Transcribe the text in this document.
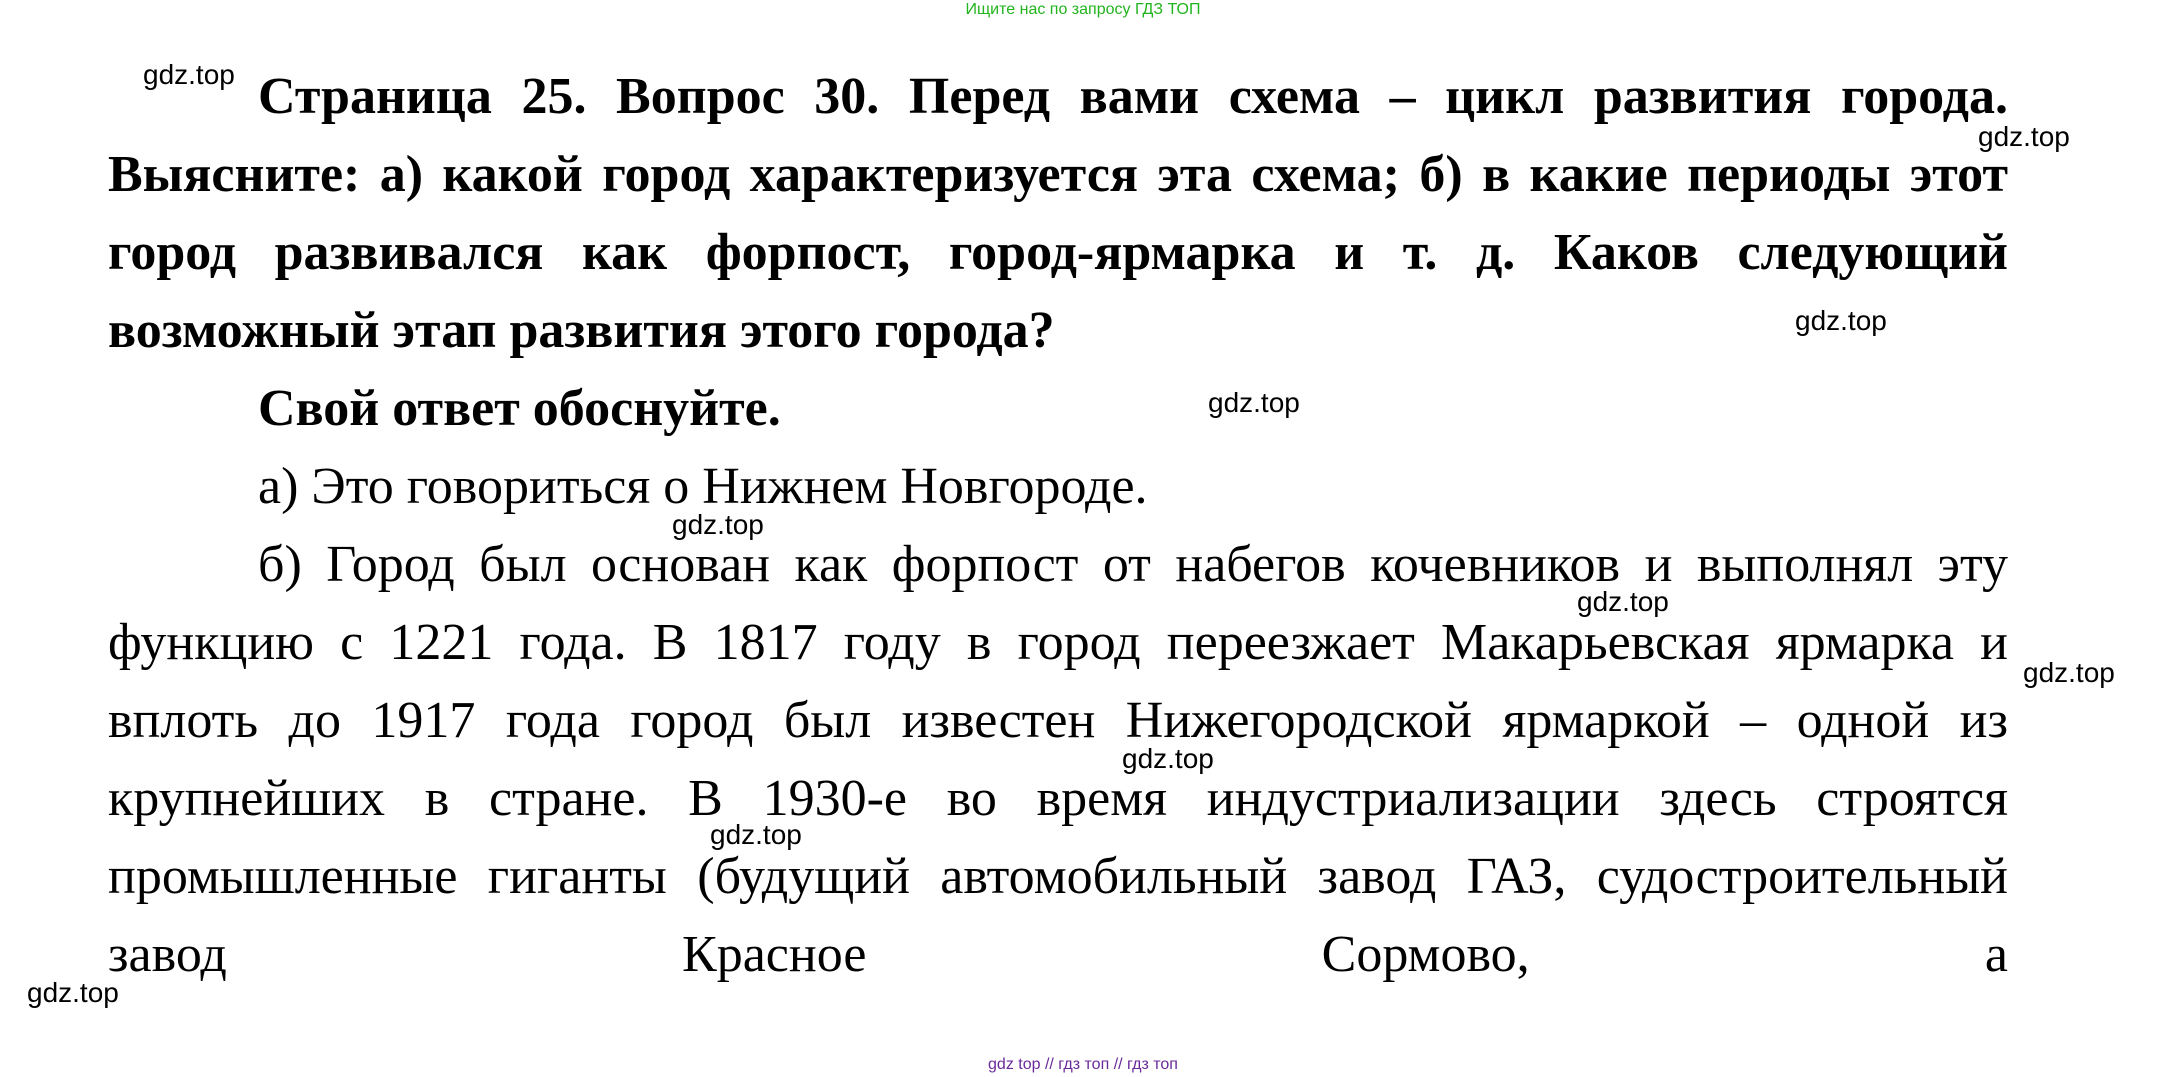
Ищите нас по запросу ГДЗ ТОП

Страница 25. Вопрос 30. Перед вами схема – цикл развития города. Выясните: а) какой город характеризуется эта схема; б) в какие периоды этот город развивался как форпост, город-ярмарка и т. д. Каков следующий возможный этап развития этого города?

Свой ответ обоснуйте.

а) Это говориться о Нижнем Новгороде.

б) Город был основан как форпост от набегов кочевников и выполнял эту функцию с 1221 года. В 1817 году в город переезжает Макарьевская ярмарка и вплоть до 1917 года город был известен Нижегородской ярмаркой – одной из крупнейших в стране. В 1930-е во время индустриализации здесь строятся промышленные гиганты (будущий автомобильный завод ГАЗ, судостроительный завод Красное Сормово, а

gdz.top
gdz.top
gdz.top
gdz.top
gdz.top
gdz.top
gdz.top
gdz.top
gdz.top
gdz.top
gdz top // гдз топ // гдз топ
